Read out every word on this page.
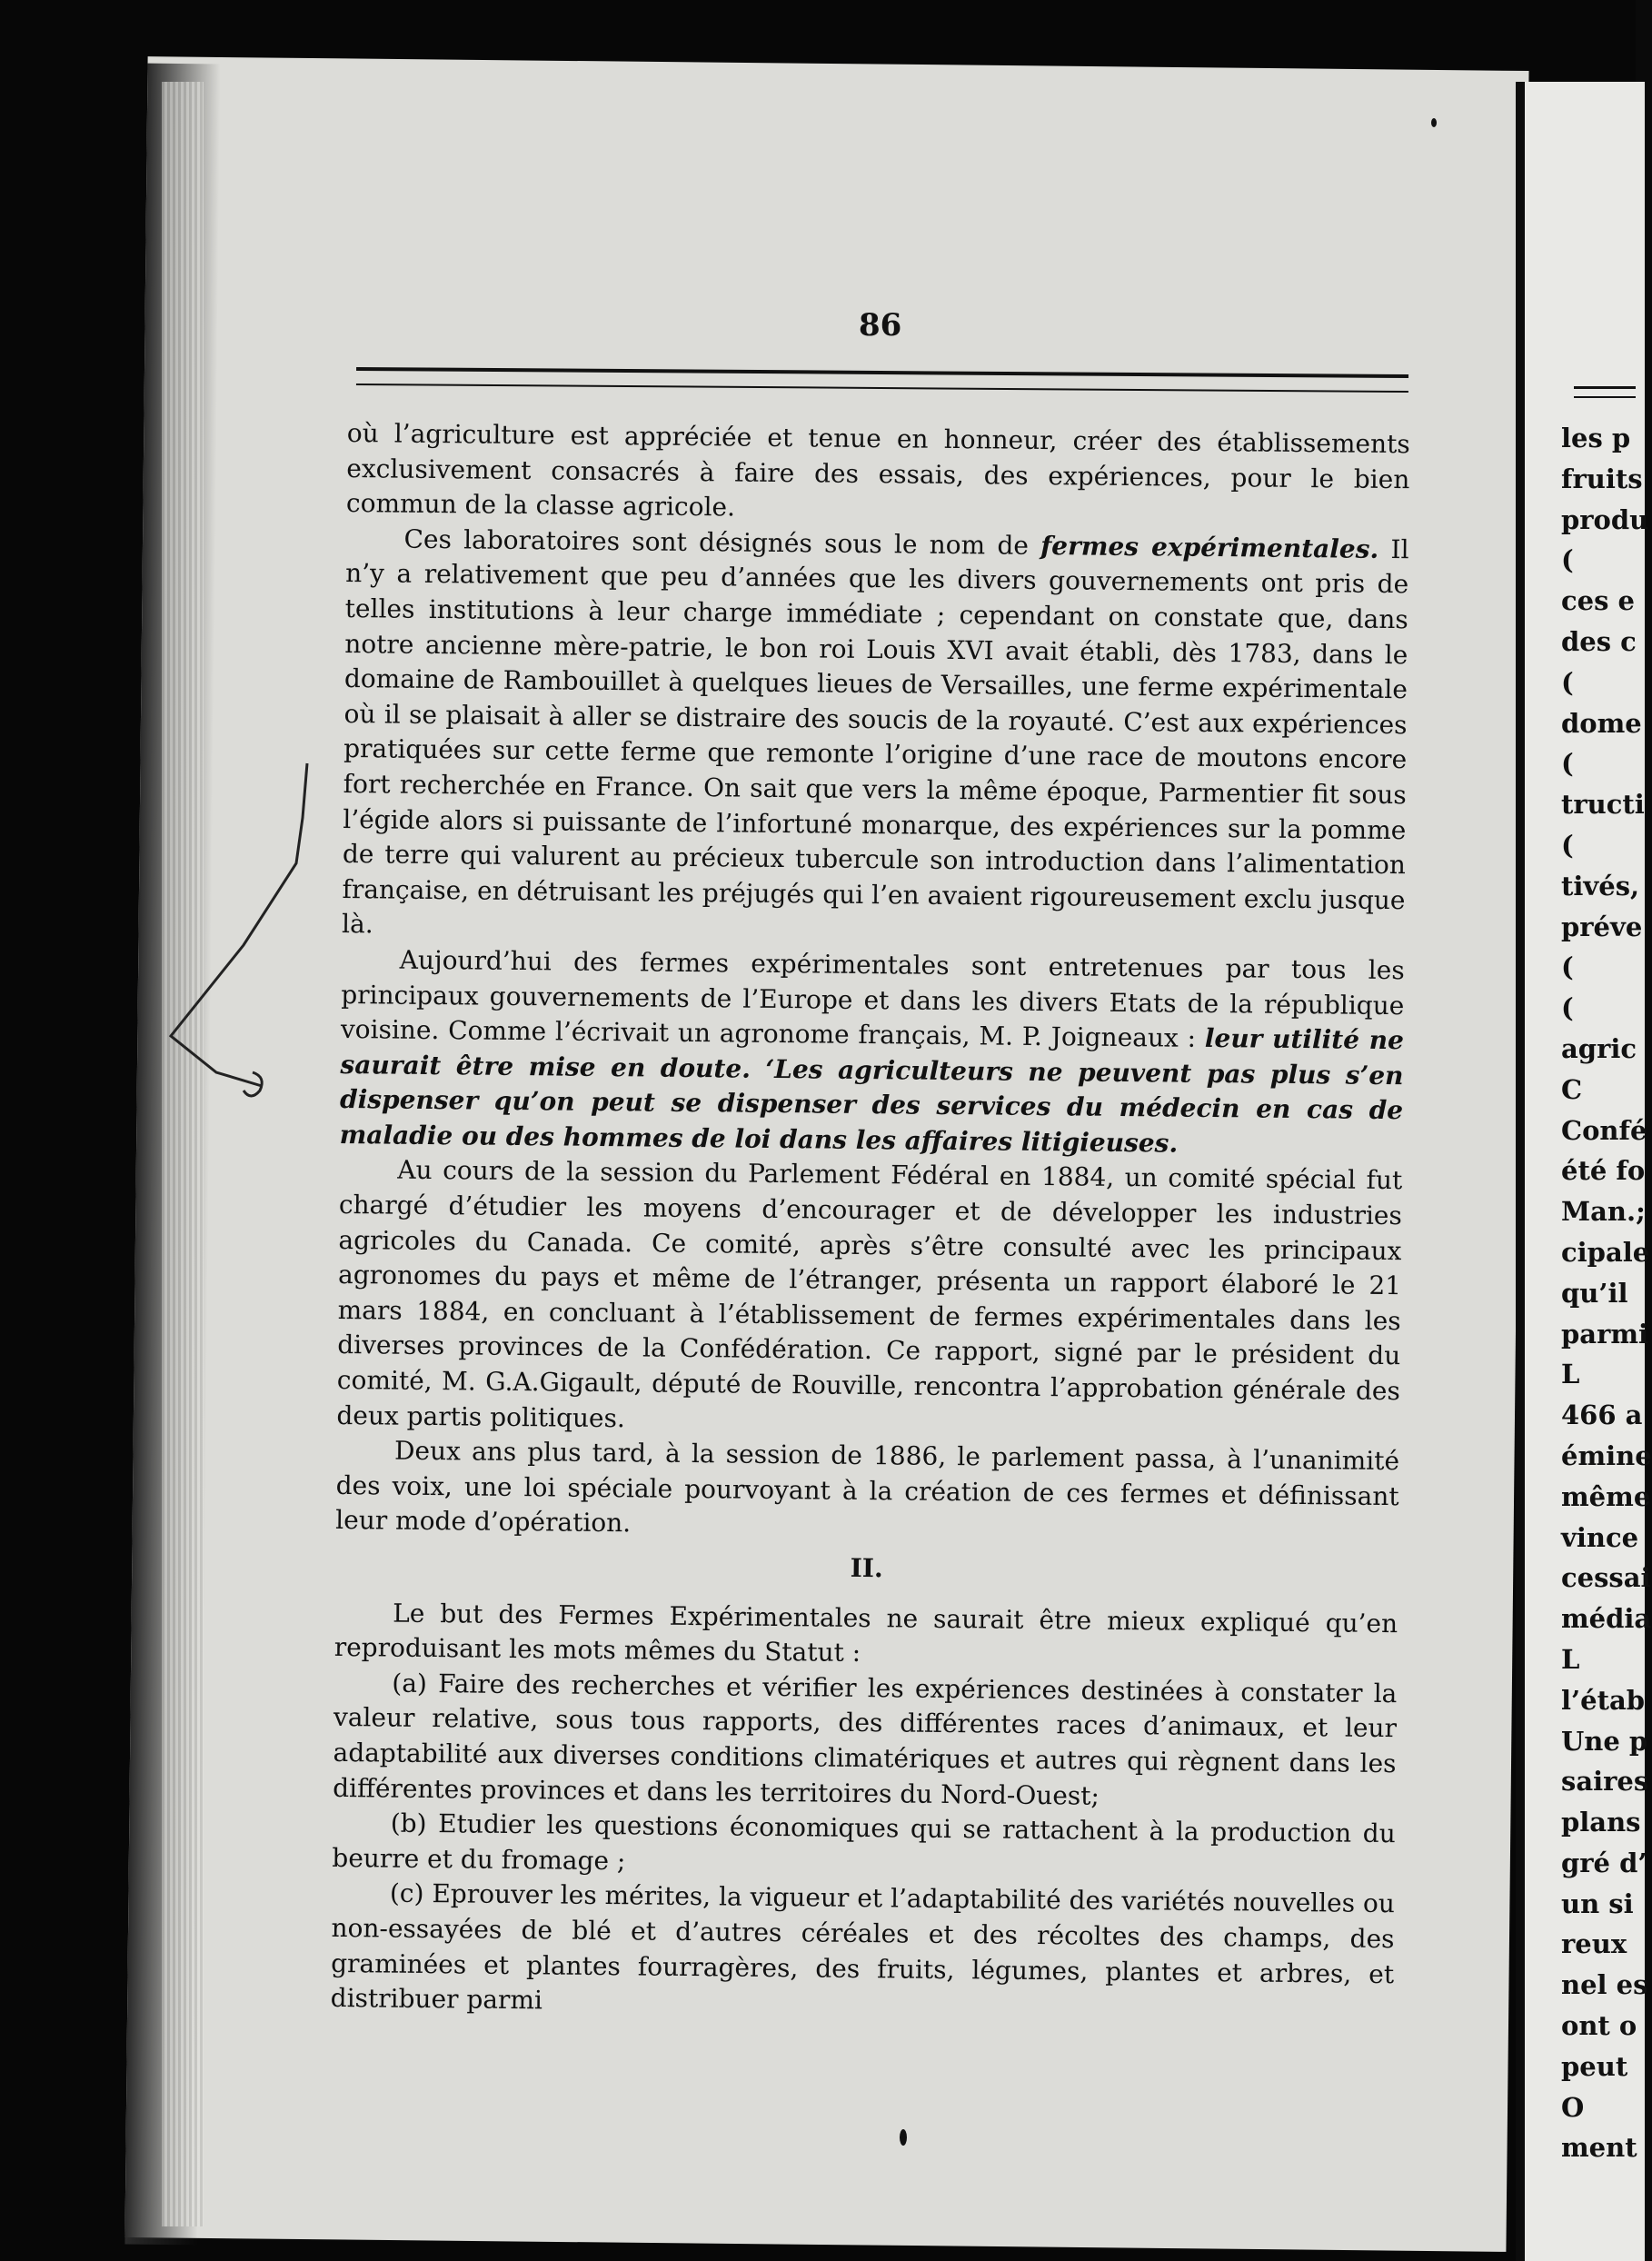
les p
fruits
produ
(
ces e
des c
(
dome
(
tructi
(
tivés,
préve
(
(
agric
C
Confé
été fo
Man.;
cipale
qu’il
parmi
L
466 a
émine
même
vince
cessai
média
L
l’étab
Une p
saires
plans
gré d’
un si
reux
nel es
ont o
peut
O
ment
86

où l’agriculture est appréciée et tenue en honneur, créer des établissements exclusivement consacrés à faire des essais, des expériences, pour le bien commun de la classe agricole.

Ces laboratoires sont désignés sous le nom de fermes expérimentales. Il n’y a relativement que peu d’années que les divers gouvernements ont pris de telles institutions à leur charge immédiate ; cependant on constate que, dans notre ancienne mère-patrie, le bon roi Louis XVI avait établi, dès 1783, dans le domaine de Rambouillet à quelques lieues de Versailles, une ferme expérimentale où il se plaisait à aller se distraire des soucis de la royauté. C’est aux expériences pratiquées sur cette ferme que remonte l’origine d’une race de moutons encore fort recherchée en France. On sait que vers la même époque, Parmentier fit sous l’égide alors si puissante de l’infortuné monarque, des expériences sur la pomme de terre qui valurent au précieux tubercule son introduction dans l’alimentation française, en détruisant les préjugés qui l’en avaient rigoureusement exclu jusque là.

Aujourd’hui des fermes expérimentales sont entretenues par tous les principaux gouvernements de l’Europe et dans les divers Etats de la république voisine. Comme l’écrivait un agronome français, M. P. Joigneaux : leur utilité ne saurait être mise en doute. ‘Les agriculteurs ne peuvent pas plus s’en dispenser qu’on peut se dispenser des services du médecin en cas de maladie ou des hommes de loi dans les affaires litigieuses.

Au cours de la session du Parlement Fédéral en 1884, un comité spécial fut chargé d’étudier les moyens d’encourager et de développer les industries agricoles du Canada. Ce comité, après s’être consulté avec les principaux agronomes du pays et même de l’étranger, présenta un rapport élaboré le 21 mars 1884, en concluant à l’établissement de fermes expérimentales dans les diverses provinces de la Confédération. Ce rapport, signé par le président du comité, M. G.A.Gigault, député de Rouville, rencontra l’approbation générale des deux partis politiques.

Deux ans plus tard, à la session de 1886, le parlement passa, à l’unanimité des voix, une loi spéciale pourvoyant à la création de ces fermes et définissant leur mode d’opération.

II.

Le but des Fermes Expérimentales ne saurait être mieux expliqué qu’en reproduisant les mots mêmes du Statut :

(a) Faire des recherches et vérifier les expériences destinées à constater la valeur relative, sous tous rapports, des différentes races d’animaux, et leur adaptabilité aux diverses conditions climatériques et autres qui règnent dans les différentes provinces et dans les territoires du Nord-Ouest;

(b) Etudier les questions économiques qui se rattachent à la production du beurre et du fromage ;

(c) Eprouver les mérites, la vigueur et l’adaptabilité des variétés nouvelles ou non-essayées de blé et d’autres céréales et des récoltes des champs, des graminées et plantes fourragères, des fruits, légumes, plantes et arbres, et distribuer parmi
